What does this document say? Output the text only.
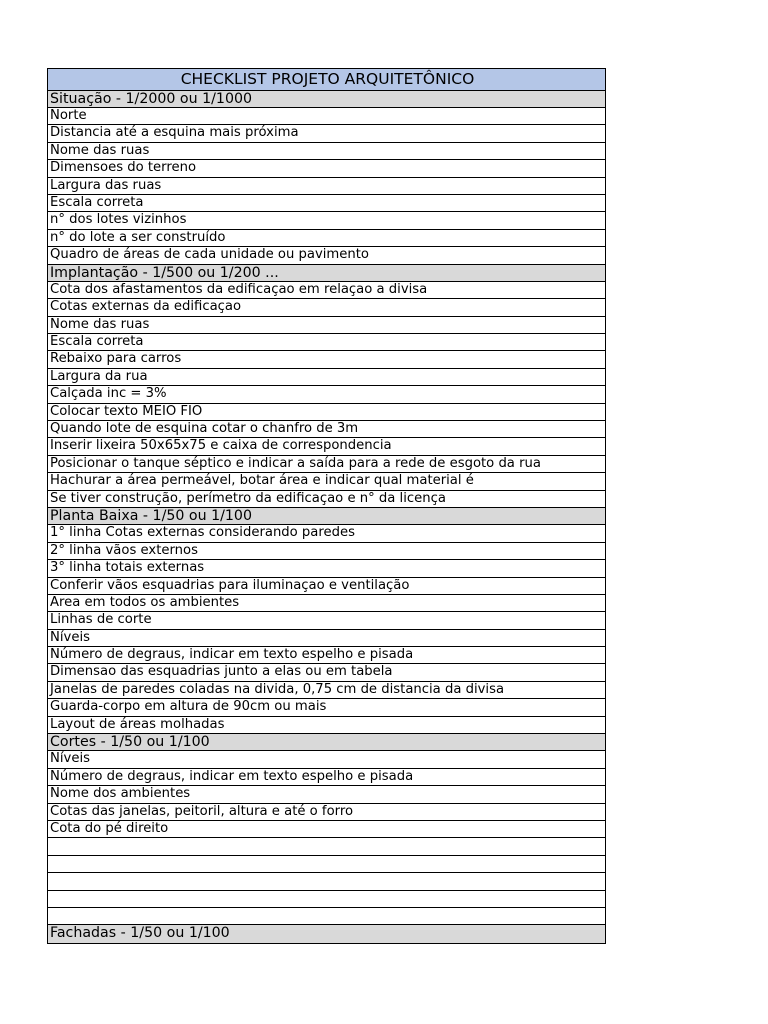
CHECKLIST PROJETO ARQUITETÔNICO
Situação - 1/2000 ou 1/1000
Norte
Distancia até a esquina mais próxima
Nome das ruas
Dimensoes do terreno
Largura das ruas
Escala correta
n° dos lotes vizinhos
n° do lote a ser construído
Quadro de áreas de cada unidade ou pavimento
Implantação - 1/500 ou 1/200 ...
Cota dos afastamentos da edificaçao em relaçao a divisa
Cotas externas da edificaçao
Nome das ruas
Escala correta
Rebaixo para carros
Largura da rua
Calçada inc = 3%
Colocar texto MEIO FIO
Quando lote de esquina cotar o chanfro de 3m
Inserir lixeira 50x65x75 e caixa de correspondencia
Posicionar o tanque séptico e indicar a saída para a rede de esgoto da rua
Hachurar a área permeável, botar área e indicar qual material é
Se tiver construção, perímetro da edificaçao e n° da licença
Planta Baixa - 1/50 ou 1/100
1° linha Cotas externas considerando paredes
2° linha vãos externos
3° linha totais externas
Conferir vãos esquadrias para iluminaçao e ventilação
Area em todos os ambientes
Linhas de corte
Níveis
Número de degraus, indicar em texto espelho e pisada
Dimensao das esquadrias junto a elas ou em tabela
Janelas de paredes coladas na divida, 0,75 cm de distancia da divisa
Guarda-corpo em altura de 90cm ou mais
Layout de áreas molhadas
Cortes - 1/50 ou 1/100
Níveis
Número de degraus, indicar em texto espelho e pisada
Nome dos ambientes
Cotas das janelas, peitoril, altura e até o forro
Cota do pé direito
Fachadas - 1/50 ou 1/100
